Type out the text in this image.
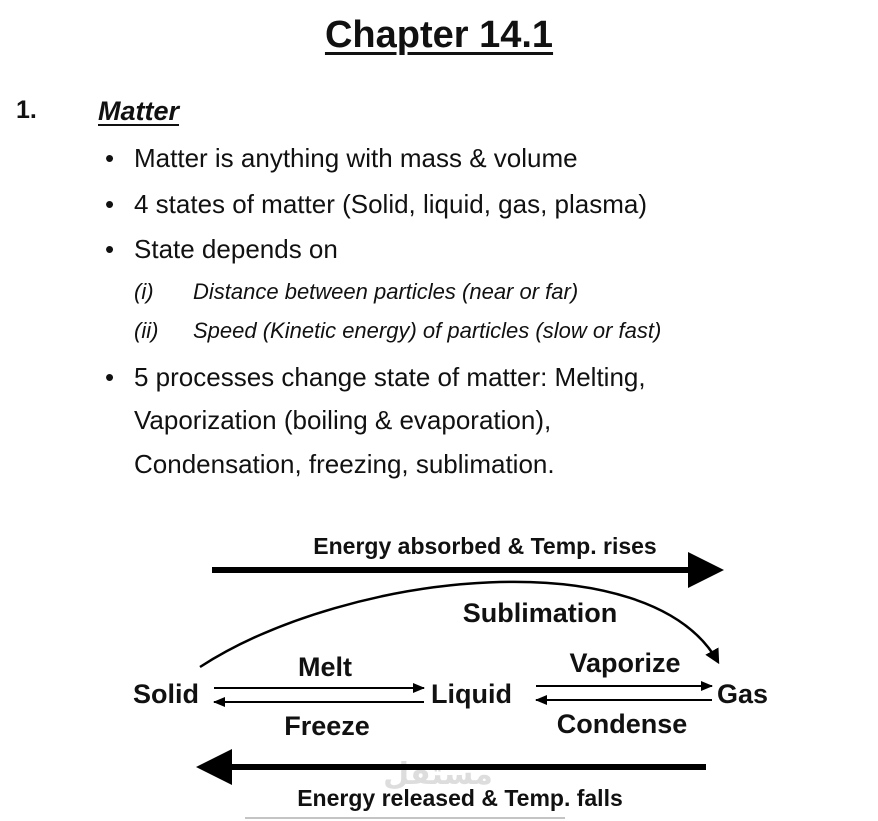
Chapter 14.1
1. Matter
• Matter is anything with mass & volume
• 4 states of matter (Solid, liquid, gas, plasma)
• State depends on
(i) Distance between particles (near or far)
(ii) Speed (Kinetic energy) of particles (slow or fast)
• 5 processes change state of matter: Melting,
Vaporization (boiling & evaporation),
Condensation, freezing, sublimation.
مستقل
Energy absorbed & Temp. rises
Sublimation
Solid	Liquid	Gas
Melt
Freeze
Vaporize
Condense
Energy released & Temp. falls
